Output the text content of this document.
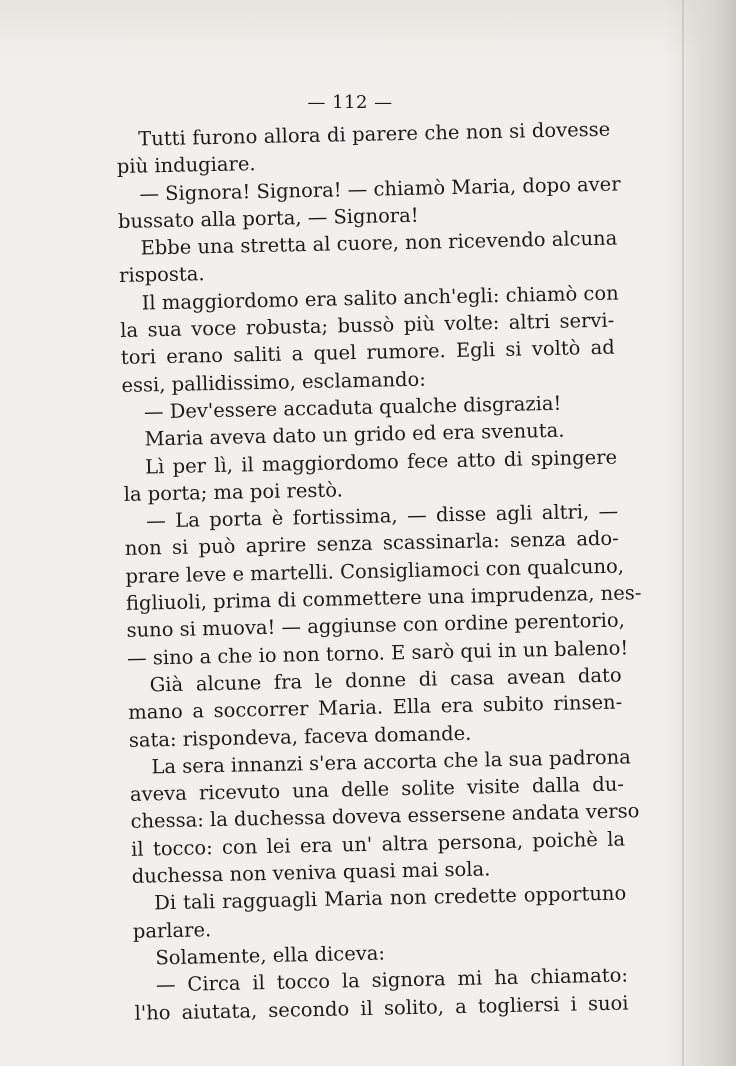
— 112 —
Tutti furono allora di parere che non si dovesse
più indugiare.
— Signora! Signora! — chiamò Maria, dopo aver
bussato alla porta, — Signora!
Ebbe una stretta al cuore, non ricevendo alcuna
risposta.
Il maggiordomo era salito anch'egli: chiamò con
la sua voce robusta; bussò più volte: altri servi-
tori erano saliti a quel rumore. Egli si voltò ad
essi, pallidissimo, esclamando:
— Dev'essere accaduta qualche disgrazia!
Maria aveva dato un grido ed era svenuta.
Lì per lì, il maggiordomo fece atto di spingere
la porta; ma poi restò.
— La porta è fortissima, — disse agli altri, —
non si può aprire senza scassinarla: senza ado-
prare leve e martelli. Consigliamoci con qualcuno,
figliuoli, prima di commettere una imprudenza, nes-
suno si muova! — aggiunse con ordine perentorio,
— sino a che io non torno. E sarò qui in un baleno!
Già alcune fra le donne di casa avean dato
mano a soccorrer Maria. Ella era subito rinsen-
sata: rispondeva, faceva domande.
La sera innanzi s'era accorta che la sua padrona
aveva ricevuto una delle solite visite dalla du-
chessa: la duchessa doveva essersene andata verso
il tocco: con lei era un' altra persona, poichè la
duchessa non veniva quasi mai sola.
Di tali ragguagli Maria non credette opportuno
parlare.
Solamente, ella diceva:
— Circa il tocco la signora mi ha chiamato:
l'ho aiutata, secondo il solito, a togliersi i suoi
